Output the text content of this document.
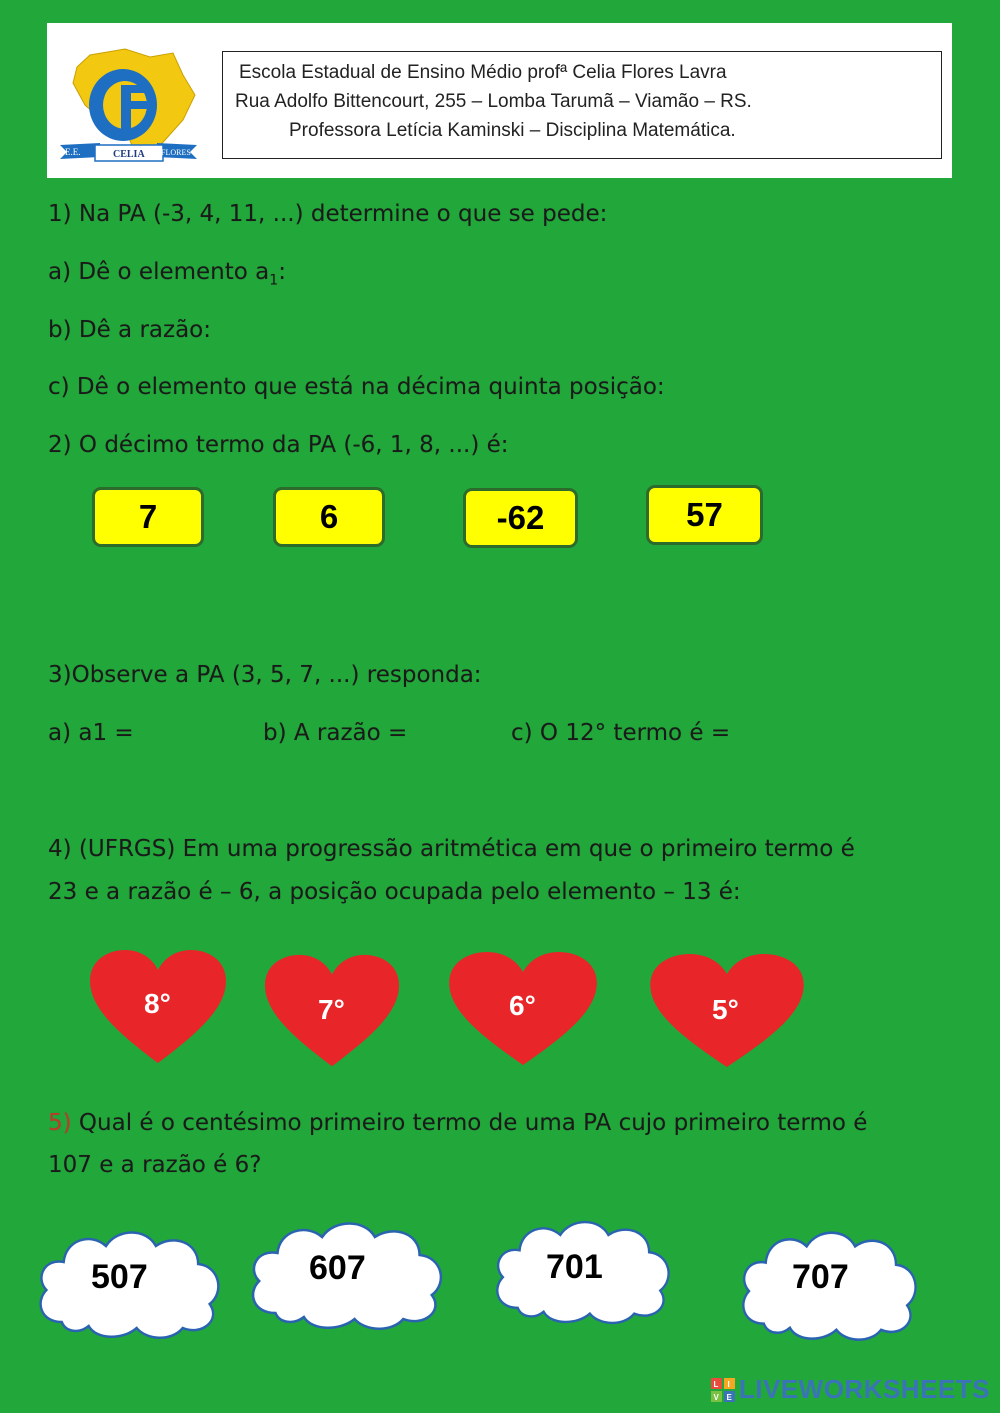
E.E.	CELIA FLORES
Escola Estadual de Ensino Médio profª Celia Flores Lavra
Rua Adolfo Bittencourt, 255 – Lomba Tarumã – Viamão – RS.
Professora Letícia Kaminski – Disciplina Matemática.
1) Na PA (-3, 4, 11, ...) determine o que se pede:
a) Dê o elemento $a_1$:
b) Dê a razão:
c) Dê o elemento que está na décima quinta posição:
2) O décimo termo da PA (-6, 1, 8, ...) é:
7	6	-62	57
3)Observe a PA (3, 5, 7, ...) responda:
a) a1 =	b) A razão =	c) O 12° termo é =
4) (UFRGS) Em uma progressão aritmética em que o primeiro termo é
23 e a razão é – 6, a posição ocupada pelo elemento – 13 é:
8°	7°	6°	5°
5) Qual é o centésimo primeiro termo de uma PA cujo primeiro termo é
107 e a razão é 6?
507	607	701	707
L I
V E LIVEWORKSHEETS
